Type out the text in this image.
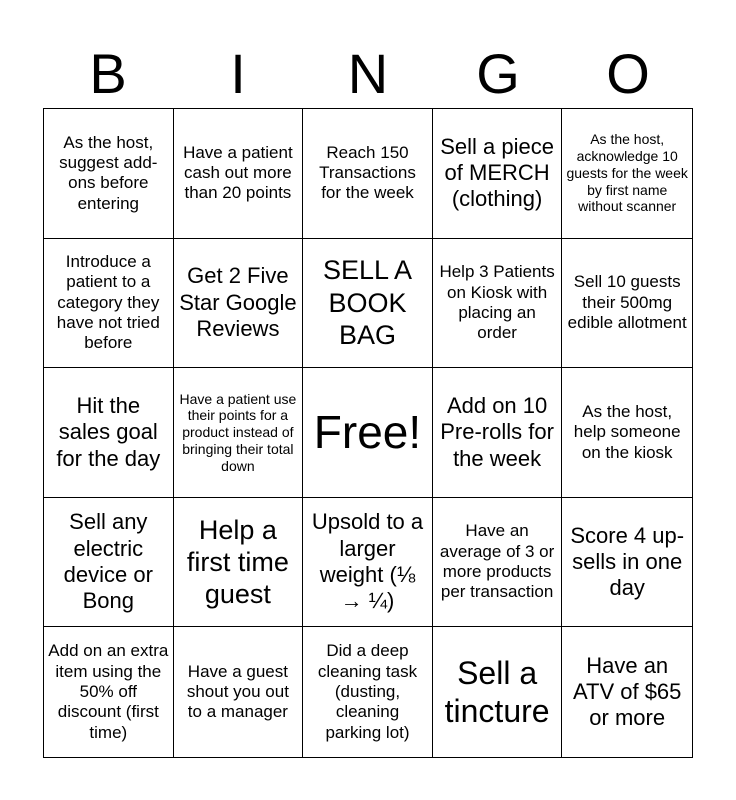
B	I	N	G	O
As the host, suggest add-ons before entering
Have a patient cash out more than 20 points
Reach 150 Transactions for the week
Sell a piece of MERCH (clothing)
As the host, acknowledge 10 guests for the week by first name without scanner
Introduce a patient to a category they have not tried before
Get 2 Five Star Google Reviews
SELL A BOOK BAG
Help 3 Patients on Kiosk with placing an order
Sell 10 guests their 500mg edible allotment
Hit the sales goal for the day
Have a patient use their points for a product instead of bringing their total down
Free!
Add on 10 Pre-rolls for the week
As the host, help someone on the kiosk
Sell any electric device or Bong
Help a first time guest
Upsold to a larger weight (⅛ → ¼)
Have an average of 3 or more products per transaction
Score 4 up-sells in one day
Add on an extra item using the 50% off discount (first time)
Have a guest shout you out to a manager
Did a deep cleaning task (dusting, cleaning parking lot)
Sell a tincture
Have an ATV of $65 or more
